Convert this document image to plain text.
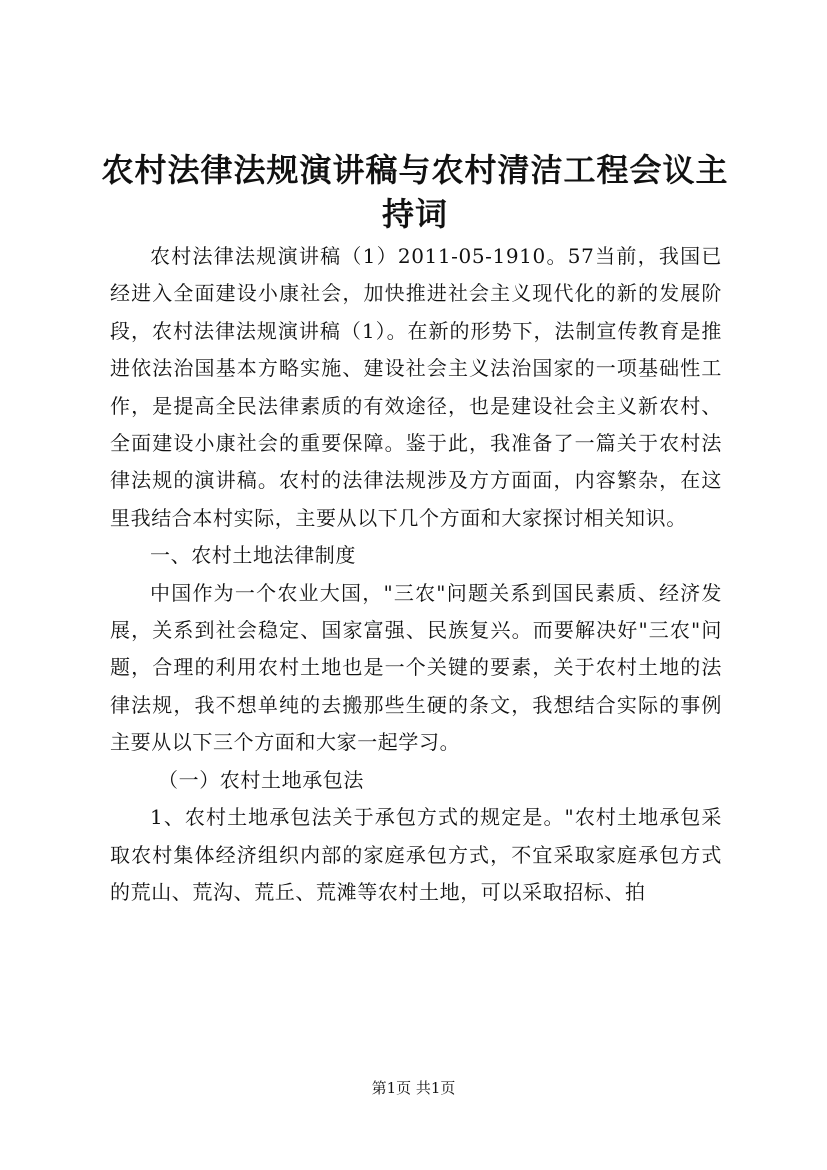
农村法律法规演讲稿与农村清洁工程会议主持词

农村法律法规演讲稿（1）2011-05-1910。57当前，我国已经进入全面建设小康社会，加快推进社会主义现代化的新的发展阶段，农村法律法规演讲稿（1）。在新的形势下，法制宣传教育是推进依法治国基本方略实施、建设社会主义法治国家的一项基础性工作，是提高全民法律素质的有效途径，也是建设社会主义新农村、全面建设小康社会的重要保障。鉴于此，我准备了一篇关于农村法律法规的演讲稿。农村的法律法规涉及方方面面，内容繁杂，在这里我结合本村实际，主要从以下几个方面和大家探讨相关知识。

一、农村土地法律制度

中国作为一个农业大国，"三农"问题关系到国民素质、经济发展，关系到社会稳定、国家富强、民族复兴。而要解决好"三农"问题，合理的利用农村土地也是一个关键的要素，关于农村土地的法律法规，我不想单纯的去搬那些生硬的条文，我想结合实际的事例主要从以下三个方面和大家一起学习。

（一）农村土地承包法

1、农村土地承包法关于承包方式的规定是。"农村土地承包采取农村集体经济组织内部的家庭承包方式，不宜采取家庭承包方式的荒山、荒沟、荒丘、荒滩等农村土地，可以采取招标、拍

第1页 共1页
